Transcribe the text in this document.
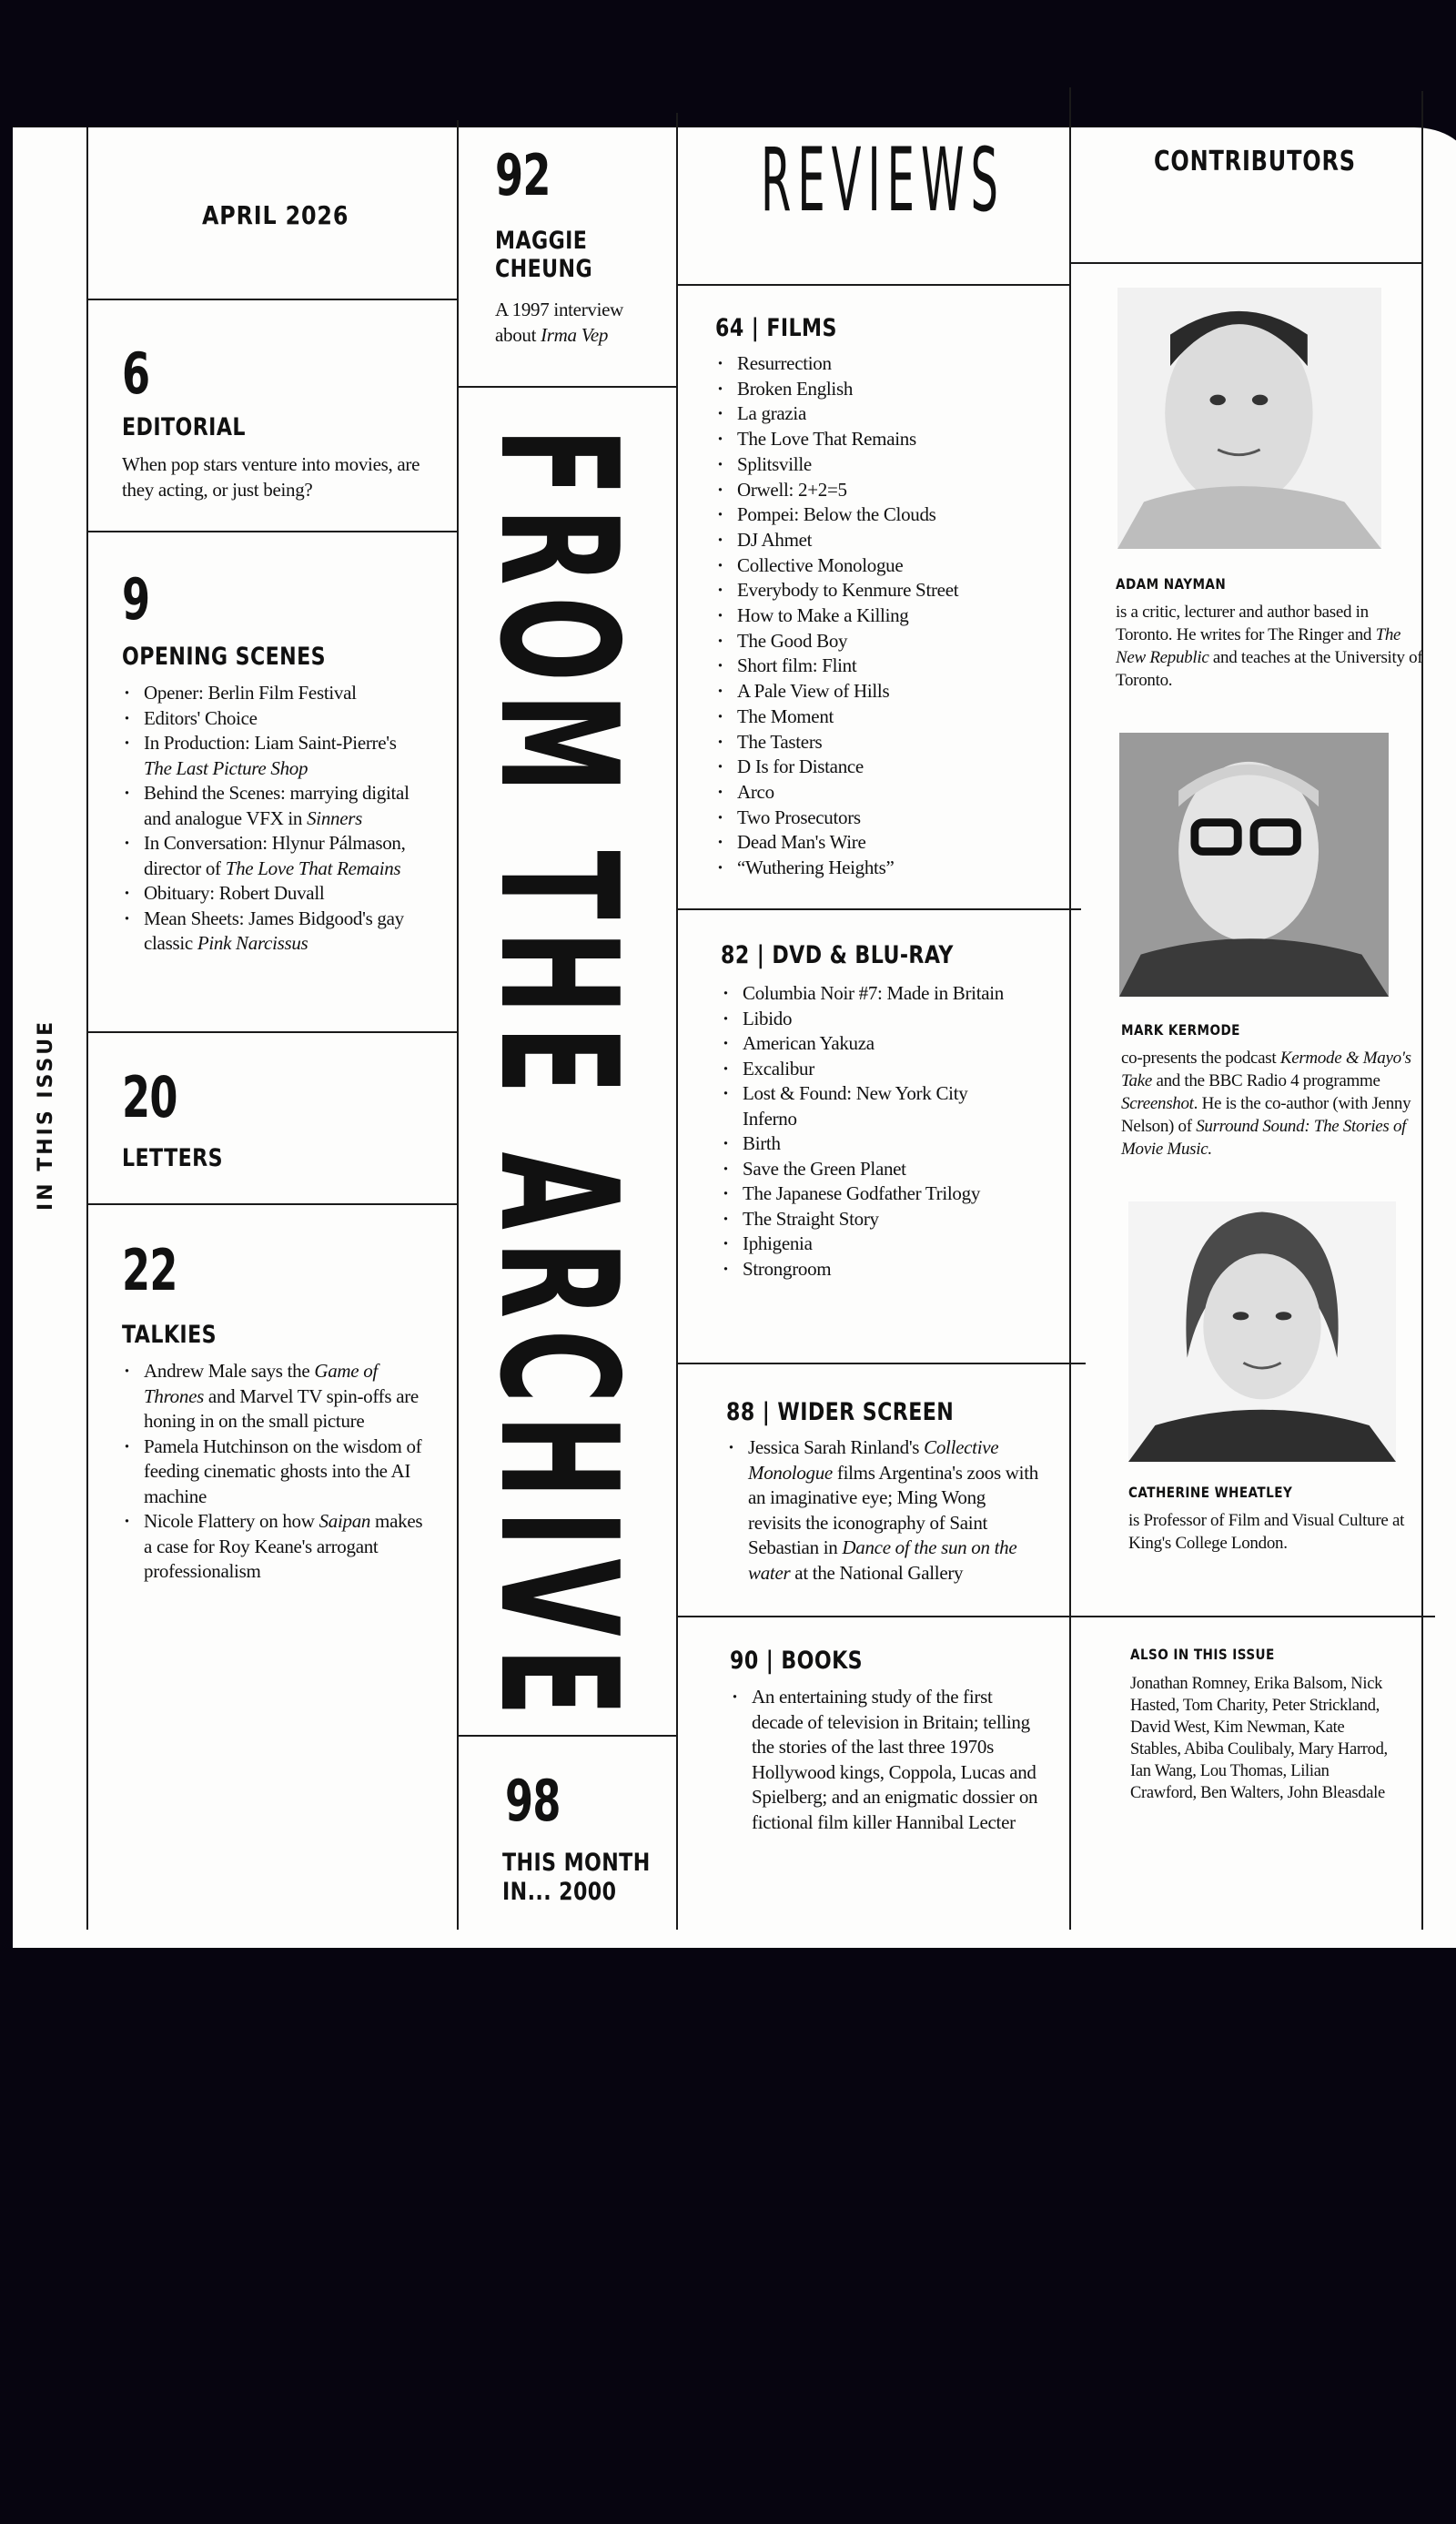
IN THIS ISSUE
APRIL 2026
6
EDITORIAL
When pop stars venture into movies, are they acting, or just being?
9
OPENING SCENES
· Opener: Berlin Film Festival
· Editors' Choice
· In Production: Liam Saint-Pierre's The Last Picture Shop
· Behind the Scenes: marrying digital and analogue VFX in Sinners
· In Conversation: Hlynur Pálmason, director of The Love That Remains
· Obituary: Robert Duvall
· Mean Sheets: James Bidgood's gay classic Pink Narcissus
20
LETTERS
22
TALKIES
· Andrew Male says the Game of Thrones and Marvel TV spin-offs are honing in on the small picture
· Pamela Hutchinson on the wisdom of feeding cinematic ghosts into the AI machine
· Nicole Flattery on how Saipan makes a case for Roy Keane's arrogant professionalism
92
MAGGIE
CHEUNG
A 1997 interview about Irma Vep
FROM THE ARCHIVE
98
THIS MONTH
IN... 2000
REVIEWS
64 | FILMS
· Resurrection
· Broken English
· La grazia
· The Love That Remains
· Splitsville
· Orwell: 2+2=5
· Pompei: Below the Clouds
· DJ Ahmet
· Collective Monologue
· Everybody to Kenmure Street
· How to Make a Killing
· The Good Boy
· Short film: Flint
· A Pale View of Hills
· The Moment
· The Tasters
· D Is for Distance
· Arco
· Two Prosecutors
· Dead Man's Wire
· “Wuthering Heights”
82 | DVD & BLU-RAY
· Columbia Noir #7: Made in Britain
· Libido
· American Yakuza
· Excalibur
· Lost & Found: New York City Inferno
· Birth
· Save the Green Planet
· The Japanese Godfather Trilogy
· The Straight Story
· Iphigenia
· Strongroom
88 | WIDER SCREEN
· Jessica Sarah Rinland's Collective Monologue films Argentina's zoos with an imaginative eye; Ming Wong revisits the iconography of Saint Sebastian in Dance of the sun on the water at the National Gallery
90 | BOOKS
· An entertaining study of the first decade of television in Britain; telling the stories of the last three 1970s Hollywood kings, Coppola, Lucas and Spielberg; and an enigmatic dossier on fictional film killer Hannibal Lecter
CONTRIBUTORS
ADAM NAYMAN
is a critic, lecturer and author based in Toronto. He writes for The Ringer and The New Republic and teaches at the University of Toronto.
MARK KERMODE
co-presents the podcast Kermode & Mayo's Take and the BBC Radio 4 programme Screenshot. He is the co-author (with Jenny Nelson) of Surround Sound: The Stories of Movie Music.
CATHERINE WHEATLEY
is Professor of Film and Visual Culture at King's College London.
ALSO IN THIS ISSUE
Jonathan Romney, Erika Balsom, Nick Hasted, Tom Charity, Peter Strickland, David West, Kim Newman, Kate Stables, Abiba Coulibaly, Mary Harrod, Ian Wang, Lou Thomas, Lilian Crawford, Ben Walters, John Bleasdale
